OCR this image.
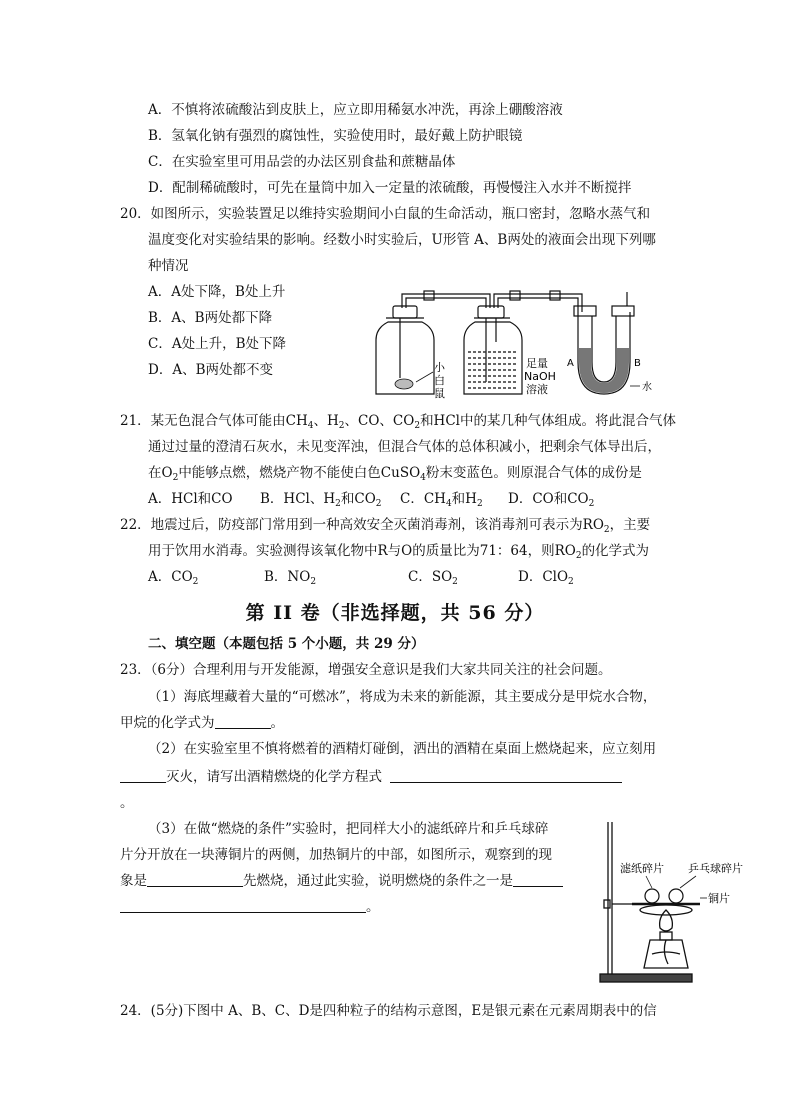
A．不慎将浓硫酸沾到皮肤上，应立即用稀氨水冲洗，再涂上硼酸溶液
B．氢氧化钠有强烈的腐蚀性，实验使用时，最好戴上防护眼镜
C．在实验室里可用品尝的办法区别食盐和蔗糖晶体
D．配制稀硫酸时，可先在量筒中加入一定量的浓硫酸，再慢慢注入水并不断搅拌
20．如图所示，实验装置足以维持实验期间小白鼠的生命活动，瓶口密封，忽略水蒸气和
温度变化对实验结果的影响。经数小时实验后，U形管 A、B两处的液面会出现下列哪
种情况
A．A处下降，B处上升
B．A、B两处都下降
C．A处上升，B处下降
D．A、B两处都不变	小
白
鼠
足量
NaOH
溶液
A	B
水
21．某无色混合气体可能由$CH_4$、$H_2$、CO、$CO_2$和HCl中的某几种气体组成。将此混合气体
通过过量的澄清石灰水，未见变浑浊，但混合气体的总体积减小，把剩余气体导出后，
在$O_2$中能够点燃，燃烧产物不能使白色CuSO$_4$粉末变蓝色。则原混合气体的成份是
A．HCl和CO B．HCl、$H_2$和$CO_2$ C．$CH_4$和$H_2$ D．CO和$CO_2$
22．地震过后，防疫部门常用到一种高效安全灭菌消毒剂，该消毒剂可表示为$RO_2$，主要
用于饮用水消毒。实验测得该氧化物中R与O的质量比为71：64，则$RO_2$的化学式为
A．$CO_2$	B．$NO_2$	C．$SO_2$	D．ClO$_2$
第 II 卷（非选择题，共 56 分）
二、填空题（本题包括 5 个小题，共 29 分）
23．（6分）合理利用与开发能源，增强安全意识是我们大家共同关注的社会问题。
（1）海底埋藏着大量的“可燃冰”，将成为未来的新能源，其主要成分是甲烷水合物，
甲烷的化学式为	。
（2）在实验室里不慎将燃着的酒精灯碰倒，洒出的酒精在桌面上燃烧起来，应立刻用
灭火，请写出酒精燃烧的化学方程式
。
（3）在做“燃烧的条件”实验时，把同样大小的滤纸碎片和乒乓球碎
片分开放在一块薄铜片的两侧，加热铜片的中部，如图所示，观察到的现
象是	先燃烧，通过此实验，说明燃烧的条件之一是
。
滤纸碎片 乒乓球碎片
铜片
24．(5分)下图中 A、B、C、D是四种粒子的结构示意图，E是银元素在元素周期表中的信
